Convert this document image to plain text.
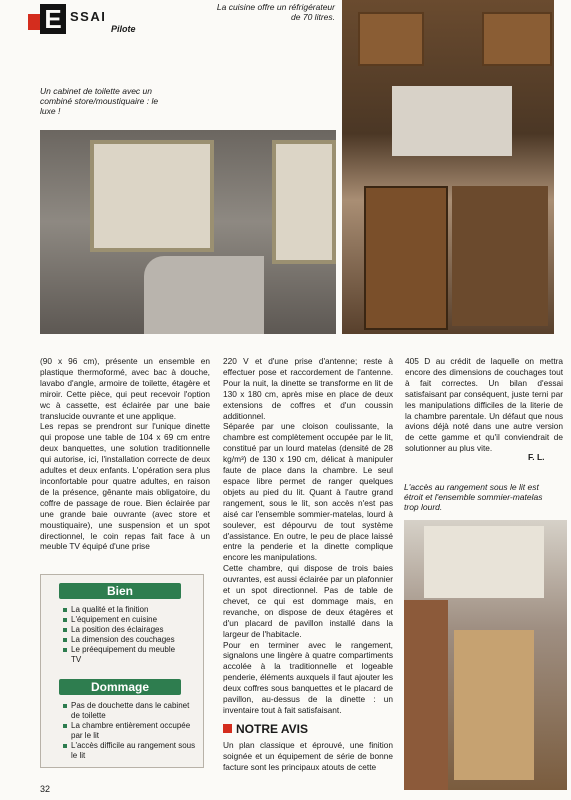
E SSAI
Pilote
La cuisine offre un réfrigérateur de 70 litres.
Un cabinet de toilette avec un combiné store/moustiquaire : le luxe !
L'accès au rangement sous le lit est étroit et l'ensemble sommier-matelas trop lourd.

(90 x 96 cm), présente un ensemble en plastique thermoformé, avec bac à douche, lavabo d'angle, armoire de toilette, étagère et miroir. Cette pièce, qui peut recevoir l'option wc à cassette, est éclairée par une baie translucide ouvrante et une applique.

Les repas se prendront sur l'unique dinette qui propose une table de 104 x 69 cm entre deux banquettes, une solution traditionnelle qui autorise, ici, l'installation correcte de deux adultes et deux enfants. L'opération sera plus inconfortable pour quatre adultes, en raison de la présence, gênante mais obligatoire, du coffre de passage de roue. Bien éclairée par une grande baie ouvrante (avec store et moustiquaire), une suspension et un spot directionnel, le coin repas fait face à un meuble TV équipé d'une prise

220 V et d'une prise d'antenne; reste à effectuer pose et raccordement de l'antenne. Pour la nuit, la dinette se transforme en lit de 130 x 180 cm, après mise en place de deux extensions de coffres et d'un coussin additionnel.

Séparée par une cloison coulissante, la chambre est complètement occupée par le lit, constitué par un lourd matelas (densité de 28 kg/m³) de 130 x 190 cm, délicat à manipuler faute de place dans la chambre. Le seul espace libre permet de ranger quelques objets au pied du lit. Quant à l'autre grand rangement, sous le lit, son accès n'est pas aisé car l'ensemble sommier-matelas, lourd à soulever, est dépourvu de tout système d'assistance. En outre, le peu de place laissé entre la penderie et la dinette complique encore les manipulations.

Cette chambre, qui dispose de trois baies ouvrantes, est aussi éclairée par un plafonnier et un spot directionnel. Pas de table de chevet, ce qui est dommage mais, en revanche, on dispose de deux étagères et d'un placard de pavillon installé dans la largeur de l'habitacle.

Pour en terminer avec le rangement, signalons une lingère à quatre compartiments accolée à la traditionnelle et logeable penderie, éléments auxquels il faut ajouter les deux coffres sous banquettes et le placard de pavillon, au-dessus de la dinette : un inventaire tout à fait satisfaisant.

405 D au crédit de laquelle on mettra encore des dimensions de couchages tout à fait correctes. Un bilan d'essai satisfaisant par conséquent, juste terni par les manipulations difficiles de la literie de la chambre parentale. Un défaut que nous avions déjà noté dans une autre version de cette gamme et qu'il conviendrait de solutionner au plus vite.

F. L.
Bien
La qualité et la finition
L'équipement en cuisine
La position des éclairages
La dimension des couchages
Le préequipement du meuble TV
Dommage
Pas de douchette dans le cabinet de toilette
La chambre entièrement occupée par le lit
L'accès difficile au rangement sous le lit
NOTRE AVIS
Un plan classique et éprouvé, une finition soignée et un équipement de série de bonne facture sont les principaux atouts de cette
32
